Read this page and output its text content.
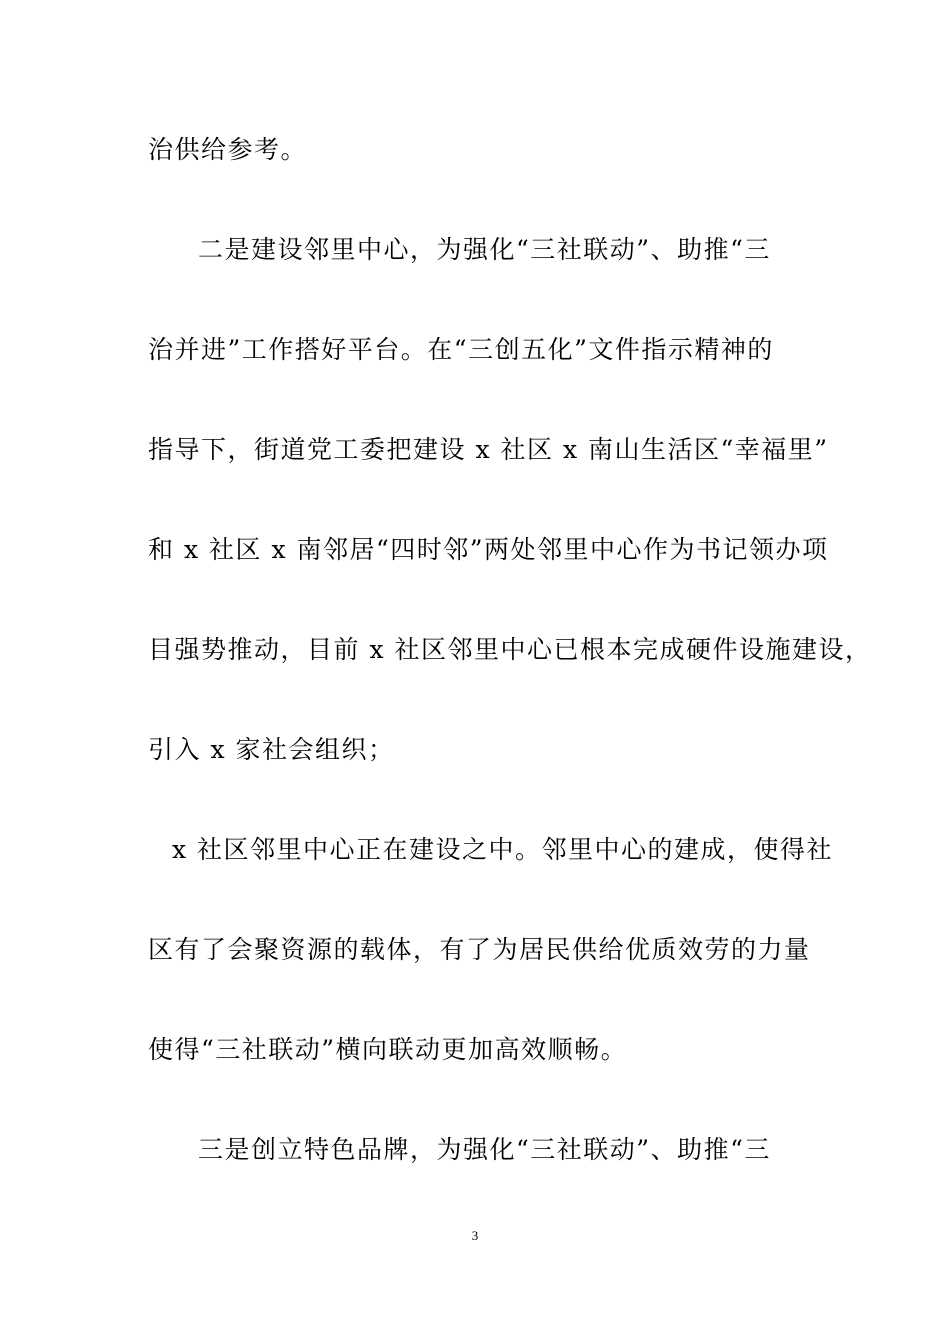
治供给参考。

二是建设邻里中心，为强化“三社联动”、助推“三

治并进”工作搭好平台。在“三创五化”文件指示精神的

指导下，街道党工委把建设 x 社区 x 南山生活区“幸福里”

和 x 社区 x 南邻居“四时邻”两处邻里中心作为书记领办项

目强势推动，目前 x 社区邻里中心已根本完成硬件设施建设，

引入 x 家社会组织；

x 社区邻里中心正在建设之中。邻里中心的建成，使得社

区有了会聚资源的载体，有了为居民供给优质效劳的力量

使得“三社联动”横向联动更加高效顺畅。

三是创立特色品牌，为强化“三社联动”、助推“三

3
